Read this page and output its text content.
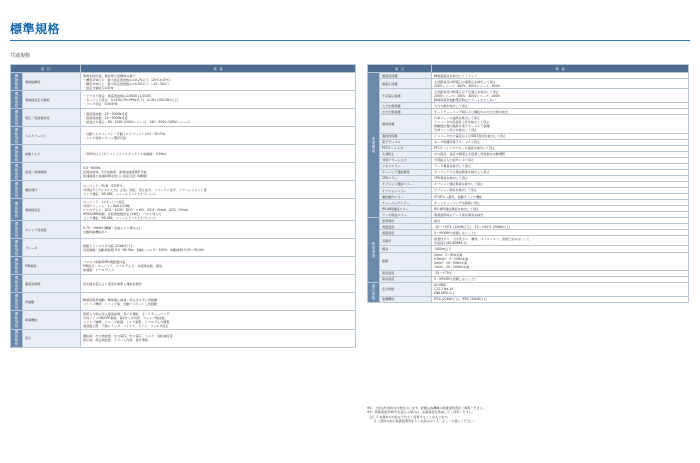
標準規格
共通規格
項　目		規　格
機能規格	周波数精度	電源を接続後、無負荷で試験時の値で
・精度1Hz以下：最大設定周波数の±0.2%以下（25℃±10℃）
・精度1Hz以上：最大設定周波数の±0.5%以下（-10〜50℃）
・設定分解能 0.01Hz

機能規格	周波数設定分解能	・アナログ設定：最高周波数の1/3000 (1/1000)
・キーパッド設定：0.01Hz (99.99Hz以下)、0.1Hz (100.0Hz以上)
・リンク設定：0.005Hz

機能規格	電圧／周波数特性	・基底周波数：25〜500Hz可変
・最高周波数：25〜500Hz可変
・最高出力電圧：80〜240V (200Vシリーズ)、160〜500V (400Vシリーズ)

機能規格	トルクブースト	・自動トルクブースト／手動トルクブースト (0.0〜20.0%)
・トルク特性パターン選択可能

機能規格	始動トルク	・200%以上 (ダイナミックトルクベクトル制御時：0.5Hz)

機能規格	加速／減速時間	0.0〜6000s
直線加減速、S字加減速、曲線加減速選択可能
加速時間と減速時間を独立に設定可能 (4種類)

機能規格	運転操作	キーパッド：RUN、STOPキー
外部信号 (デジタル入力)：正転／逆転、停止指令、フリーラン指令、アラームリセット等
リンク運転：RS-485、フィールドバス (オプション)

機能規格	周波数設定	キーパッド：∧∨キーにて設定
外部ボリューム：1〜5kΩ (1/2W)
アナログ入力：DC0〜±10V、DC0〜+10V、DC4〜20mA、DC0〜20mA
UP/DOWN制御、多段周波数設定 (16段)、パルス列入力
リンク運転：RS-485、フィールドバス (オプション)

機能規格	キャリア周波数	0.75〜16kHz (機種・定格により異なる)
自動低減機能あり

機能規格	ブレーキ	制動トランジスタ内蔵 (22kW以下)
直流制動：始動周波数 0.0〜60.0Hz、制動レベル 0〜100%、制動時間 0.00〜30.00s

機能規格	PID制御	プロセス制御用PID調節器内蔵
PID指令：キーパッド、アナログ入力、多段周波数、通信
帰還値：アナログ入力

機能規格	過電流制限	設定値を超えると電流を制限し運転を継続

機能規格	再始動	瞬時停電再始動：瞬停後に減速・停止させずに再始動
リトライ機能：トリップ後、自動でリセットし再始動

機能規格	制御機能	電源入力時の突入電流抑制、省エネ運転、オートチューニング、
冷却ファンON/OFF制御、第2モータ切替、ジャンプ周波数、
スリップ補償、ドループ制御、トルク制限、アナログ入力調整
周波数上限・下限リミッタ、バイアス、ゲイン、フィルタ設定

機能規格	表示	運転時：出力周波数、出力電流、出力電圧、トルク、回転速度等
停止時：設定周波数、アラーム内容、保守情報
項　目		規　格
保護機能	過電流保護	瞬時過電流を検出してトリップ

	過電圧保護	主回路直流中間電圧の過電圧を検出して停止
200Vシリーズ：400V、400Vシリーズ：800V

	不足電圧保護	主回路直流中間電圧の不足電圧を検出して停止
200Vシリーズ：200V、400Vシリーズ：400V
瞬時停電再始動選択時はアラーム出力しない

	入力欠相保護	入力欠相を検出して停止

	出力欠相保護	オートチューニング時および運転中の出力欠相を検出

	過熱保護	冷却フィンの過熱を検出して停止
インバータ内部温度上昇を検出して停止
制動抵抗器の過熱を電子サーマルで保護
冷却ファン停止を検出して停止

	過負荷保護	インバータ出力電流およびIGBT温度を検出して停止

	電子サーマル	モータ保護用電子サーマルで停止

	PTCサーミスタ	PTCサーミスタでモータ温度を検出して停止

	失速防止	出力電流・直流中間電圧を監視し周波数を自動調整

	外部アラーム入力	外部接点入力信号により停止

	メモリエラー	データ異常を検出して停止

	キーパッド通信異常	キーパッドとの通信異常を検出して停止

	CPUエラー	CPU異常を検出して停止

	オプション通信エラー	オプション通信異常を検出して停止

	オプションエラー	オプション異常を検出して停止

	運転動作エラー	STOPキー優先、始動チェック機能

	チューニングエラー	オートチューニング失敗時に停止

	RS-485通信エラー	RS-485通信異常を検出して停止

	データ保存エラー	電源遮断時のデータ保存異常を検出

使用環境	使用場所	屋内

	周囲温度	-10〜+50℃ (22kW以下)、-10〜+40℃ (30kW以上)

	周囲湿度	5〜95%RH (結露しないこと)

	雰囲気	腐食性ガス、引火性ガス、塵埃、オイルミスト、直射日光のないこと
汚染度2 (IEC60664-1)

	標高	1000m以下

	振動	3mm：2〜9Hz未満
9.8m/s²：9〜20Hz未満
2m/s²：20〜55Hz未満
1m/s²：55〜200Hz未満

	保存温度	-25〜+70℃

	保存湿度	5〜95%RH (結露しないこと)

適合規格	安全規格	UL508C
C22.2 No.14
EN61800-5-1

	保護構造	IP20 (22kW以下)、IP00 (30kW以上)
※1：上記は代表的な仕様を示します。詳細は各機種の取扱説明書をご参照ください。
※2：周囲温度が40℃を超える場合は、定格電流を低減してご使用ください。
（注）1 本資料の内容は予告なく変更することがあります。
　　 2 ご使用の前に取扱説明書をよくお読みのうえ、正しくお使いください。
